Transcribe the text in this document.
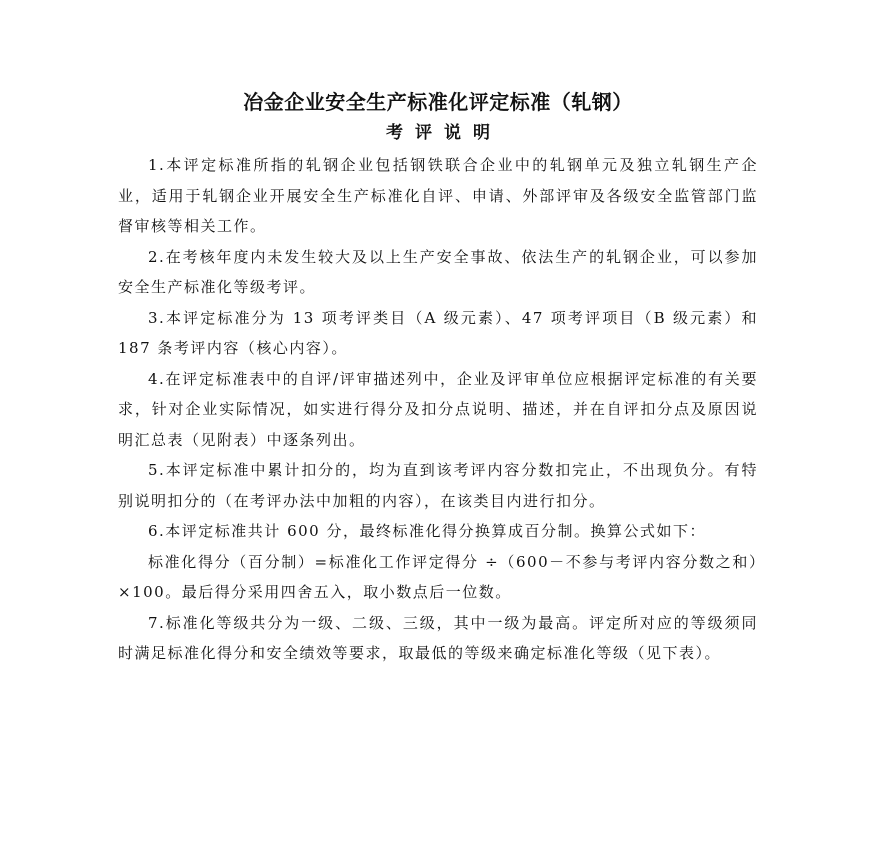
冶金企业安全生产标准化评定标准（轧钢）
考评说明

1.本评定标准所指的轧钢企业包括钢铁联合企业中的轧钢单元及独立轧钢生产企业，适用于轧钢企业开展安全生产标准化自评、申请、外部评审及各级安全监管部门监督审核等相关工作。

2.在考核年度内未发生较大及以上生产安全事故、依法生产的轧钢企业，可以参加安全生产标准化等级考评。

3.本评定标准分为 13 项考评类目（A 级元素）、47 项考评项目（B 级元素）和 187 条考评内容（核心内容）。

4.在评定标准表中的自评/评审描述列中，企业及评审单位应根据评定标准的有关要求，针对企业实际情况，如实进行得分及扣分点说明、描述，并在自评扣分点及原因说明汇总表（见附表）中逐条列出。

5.本评定标准中累计扣分的，均为直到该考评内容分数扣完止，不出现负分。有特别说明扣分的（在考评办法中加粗的内容），在该类目内进行扣分。

6.本评定标准共计 600 分，最终标准化得分换算成百分制。换算公式如下：

标准化得分（百分制）=标准化工作评定得分 ÷（600－不参与考评内容分数之和）×100。最后得分采用四舍五入，取小数点后一位数。

7.标准化等级共分为一级、二级、三级，其中一级为最高。评定所对应的等级须同时满足标准化得分和安全绩效等要求，取最低的等级来确定标准化等级（见下表）。
